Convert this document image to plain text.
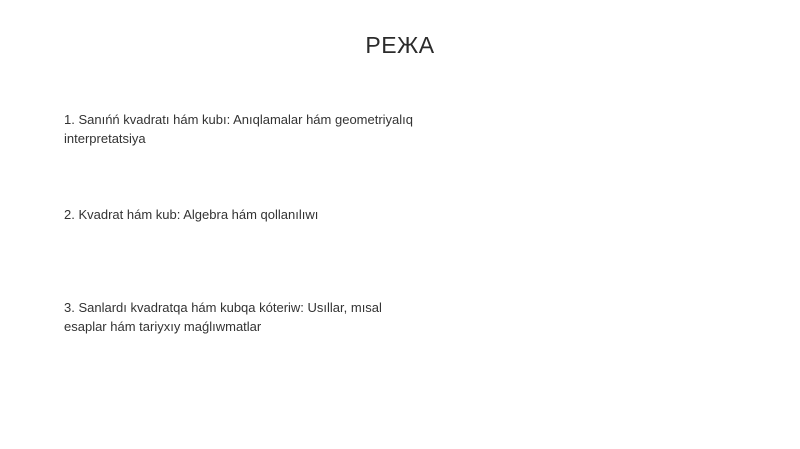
РЕЖА
1. Sanıńń kvadratı hám kubı: Anıqlamalar hám geometriyalıq interpretatsiya
2. Kvadrat hám kub: Algebra hám qollanılıwı
3. Sanlardı kvadratqa hám kubqa kóteriw: Usıllar, mısal esaplar hám tariyxıy maǵlıwmatlar
